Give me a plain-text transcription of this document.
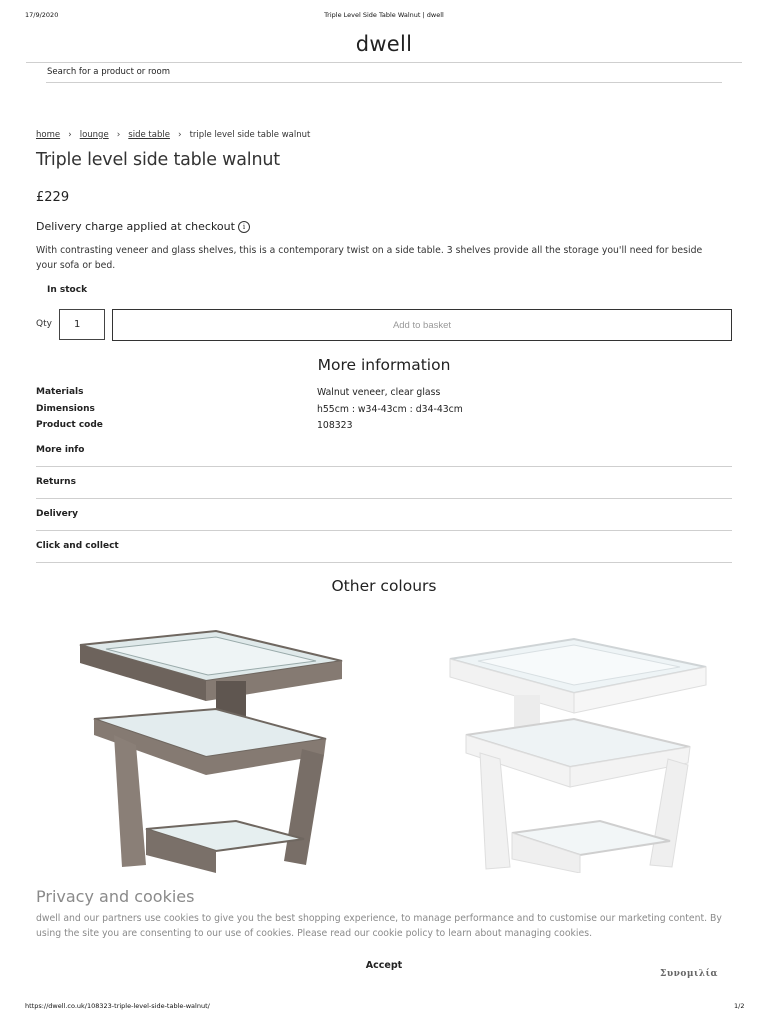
17/9/2020	Triple Level Side Table Walnut | dwell
dwell
Search for a product or room
home › lounge › side table › triple level side table walnut
Triple level side table walnut
£229
Delivery charge applied at checkout	i

With contrasting veneer and glass shelves, this is a contemporary twist on a side table. 3 shelves provide all the storage you'll need for beside your sofa or bed.

In stock
Qty
1	Add to basket
More information
Materials	Walnut veneer, clear glass
Dimensions	h55cm : w34-43cm : d34-43cm
Product code	108323
More info
Returns
Delivery
Click and collect
Other colours
Privacy and cookies

dwell and our partners use cookies to give you the best shopping experience, to manage performance and to customise our marketing content. By using the site you are consenting to our use of cookies. Please read our cookie policy to learn about managing cookies.

Accept
Συνομιλία
https://dwell.co.uk/108323-triple-level-side-table-walnut/	1/2
